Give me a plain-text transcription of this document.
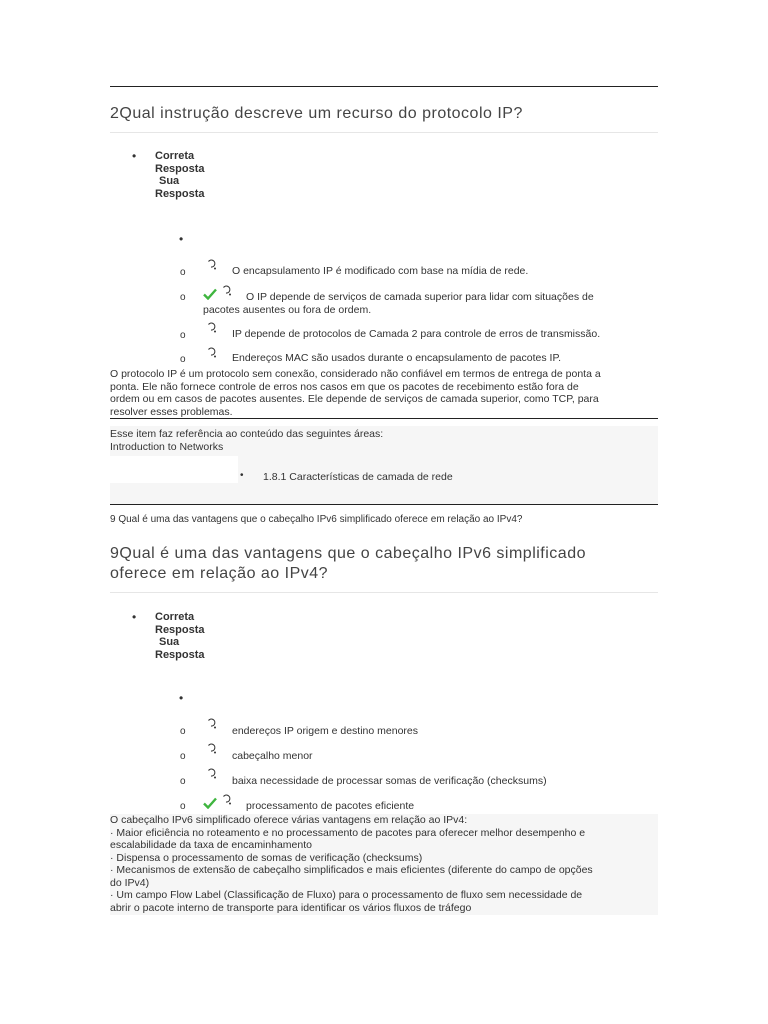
2Qual instrução descreve um recurso do protocolo IP?
• Correta
Resposta
Sua
Resposta
•
o	O encapsulamento IP é modificado com base na mídia de rede.
o	O IP depende de serviços de camada superior para lidar com situações de
pacotes ausentes ou fora de ordem.
o	IP depende de protocolos de Camada 2 para controle de erros de transmissão.
o	Endereços MAC são usados durante o encapsulamento de pacotes IP.
O protocolo IP é um protocolo sem conexão, considerado não confiável em termos de entrega de ponta a
ponta. Ele não fornece controle de erros nos casos em que os pacotes de recebimento estão fora de
ordem ou em casos de pacotes ausentes. Ele depende de serviços de camada superior, como TCP, para
resolver esses problemas.
Esse item faz referência ao conteúdo das seguintes áreas:
Introduction to Networks
• 1.8.1 Características de camada de rede
9 Qual é uma das vantagens que o cabeçalho IPv6 simplificado oferece em relação ao IPv4?
9Qual é uma das vantagens que o cabeçalho IPv6 simplificado
oferece em relação ao IPv4?
• Correta
Resposta
Sua
Resposta
•
o	endereços IP origem e destino menores
o	cabeçalho menor
o	baixa necessidade de processar somas de verificação (checksums)
o	processamento de pacotes eficiente
O cabeçalho IPv6 simplificado oferece várias vantagens em relação ao IPv4:
· Maior eficiência no roteamento e no processamento de pacotes para oferecer melhor desempenho e
escalabilidade da taxa de encaminhamento
· Dispensa o processamento de somas de verificação (checksums)
· Mecanismos de extensão de cabeçalho simplificados e mais eficientes (diferente do campo de opções
do IPv4)
· Um campo Flow Label (Classificação de Fluxo) para o processamento de fluxo sem necessidade de
abrir o pacote interno de transporte para identificar os vários fluxos de tráfego
